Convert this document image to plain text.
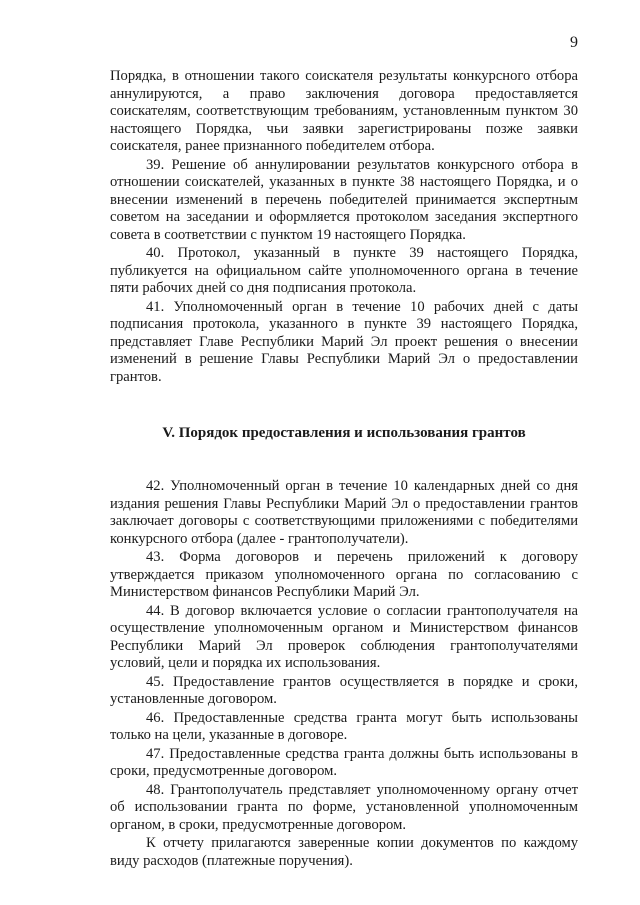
9

Порядка, в отношении такого соискателя результаты конкурсного отбора аннулируются, а право заключения договора предоставляется соискателям, соответствующим требованиям, установленным пунктом 30 настоящего Порядка, чьи заявки зарегистрированы позже заявки соискателя, ранее признанного победителем отбора.

39. Решение об аннулировании результатов конкурсного отбора в отношении соискателей, указанных в пункте 38 настоящего Порядка, и о внесении изменений в перечень победителей принимается экспертным советом на заседании и оформляется протоколом заседания экспертного совета в соответствии с пунктом 19 настоящего Порядка.

40. Протокол, указанный в пункте 39 настоящего Порядка, публикуется на официальном сайте уполномоченного органа в течение пяти рабочих дней со дня подписания протокола.

41. Уполномоченный орган в течение 10 рабочих дней с даты подписания протокола, указанного в пункте 39 настоящего Порядка, представляет Главе Республики Марий Эл проект решения о внесении изменений в решение Главы Республики Марий Эл о предоставлении грантов.

V. Порядок предоставления и использования грантов

42. Уполномоченный орган в течение 10 календарных дней со дня издания решения Главы Республики Марий Эл о предоставлении грантов заключает договоры с соответствующими приложениями с победителями конкурсного отбора (далее - грантополучатели).

43. Форма договоров и перечень приложений к договору утверждается приказом уполномоченного органа по согласованию с Министерством финансов Республики Марий Эл.

44. В договор включается условие о согласии грантополучателя на осуществление уполномоченным органом и Министерством финансов Республики Марий Эл проверок соблюдения грантополучателями условий, цели и порядка их использования.

45. Предоставление грантов осуществляется в порядке и сроки, установленные договором.

46. Предоставленные средства гранта могут быть использованы только на цели, указанные в договоре.

47. Предоставленные средства гранта должны быть использованы в сроки, предусмотренные договором.

48. Грантополучатель представляет уполномоченному органу отчет об использовании гранта по форме, установленной уполномоченным органом, в сроки, предусмотренные договором.

К отчету прилагаются заверенные копии документов по каждому виду расходов (платежные поручения).
